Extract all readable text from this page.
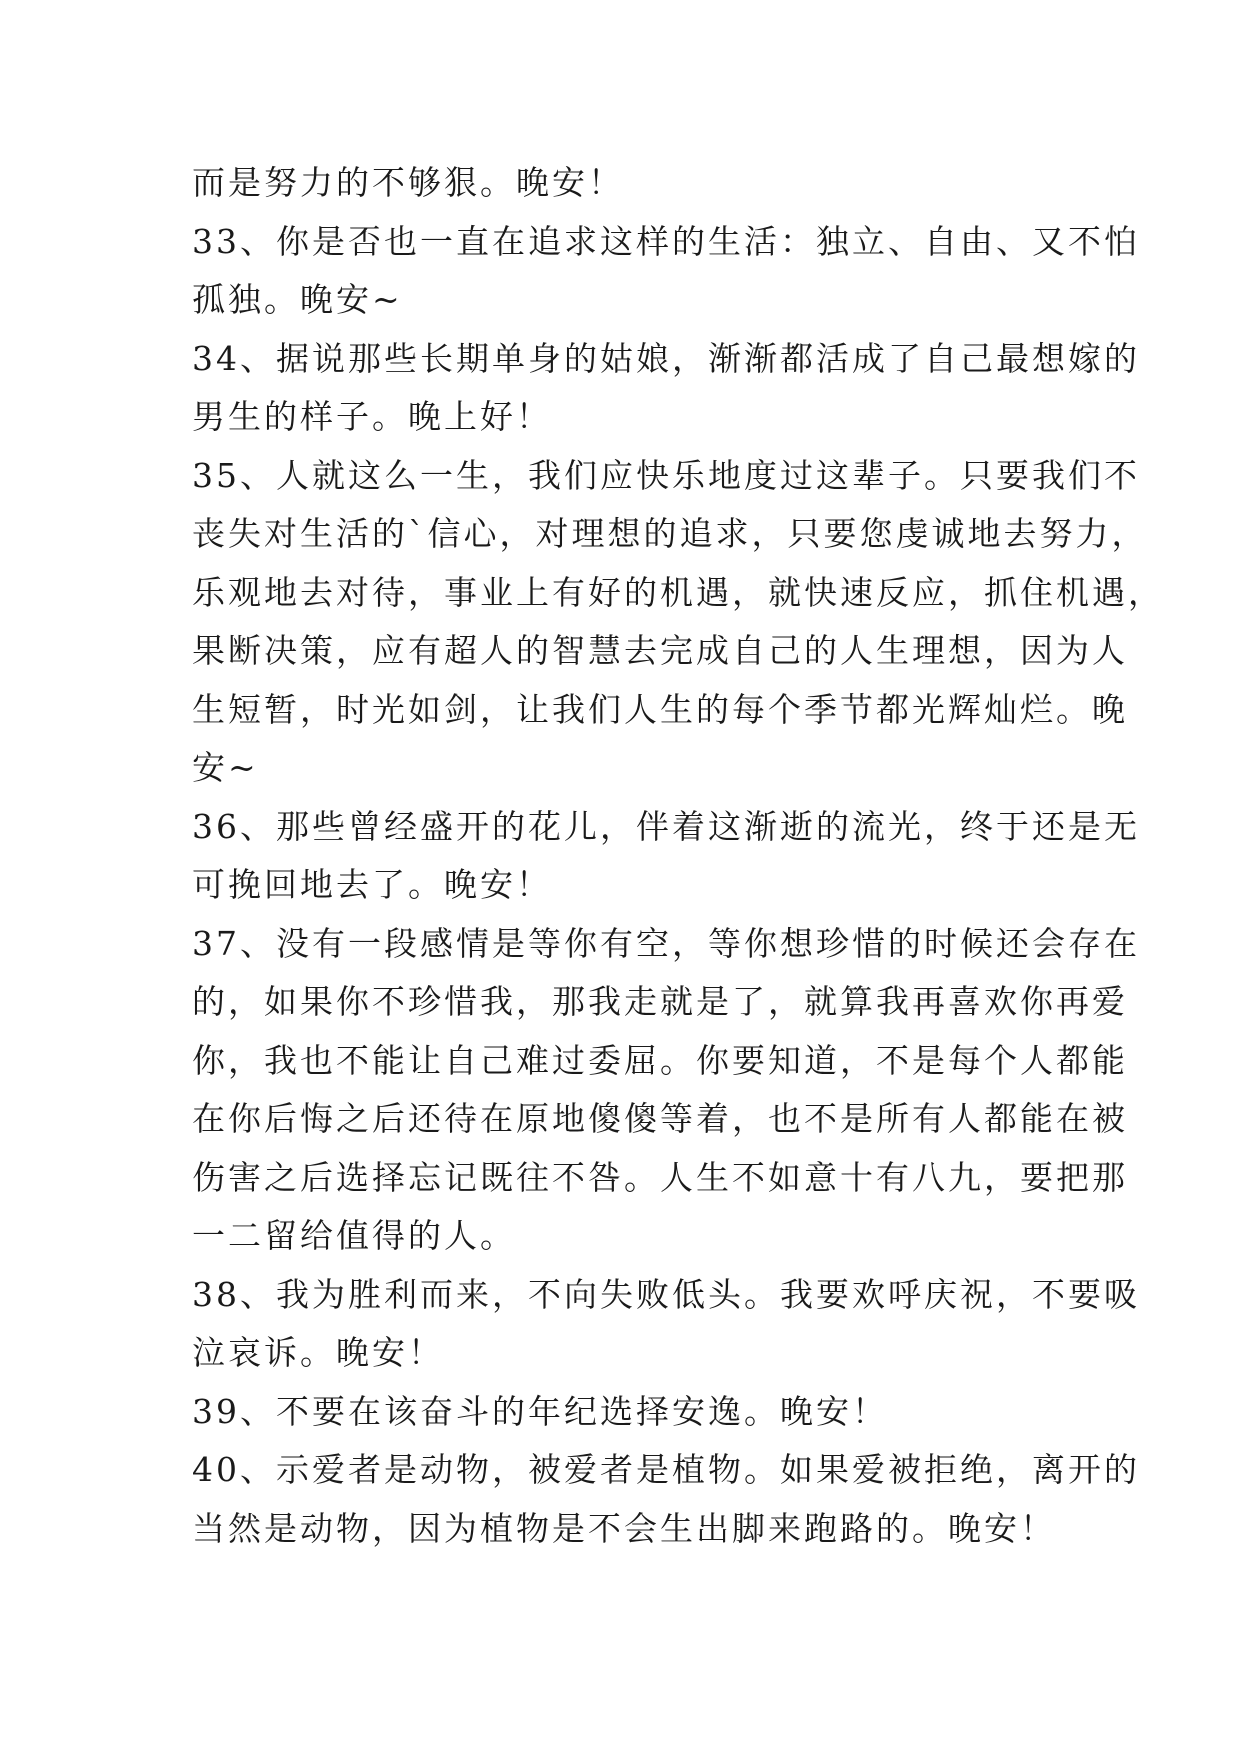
而是努力的不够狠。晚安！
33、你是否也一直在追求这样的生活：独立、自由、又不怕
孤独。晚安~
34、据说那些长期单身的姑娘，渐渐都活成了自己最想嫁的
男生的样子。晚上好！
35、人就这么一生，我们应快乐地度过这辈子。只要我们不
丧失对生活的`信心，对理想的追求，只要您虔诚地去努力，
乐观地去对待，事业上有好的机遇，就快速反应，抓住机遇，
果断决策，应有超人的智慧去完成自己的人生理想，因为人
生短暂，时光如剑，让我们人生的每个季节都光辉灿烂。晚
安~
36、那些曾经盛开的花儿，伴着这渐逝的流光，终于还是无
可挽回地去了。晚安！
37、没有一段感情是等你有空，等你想珍惜的时候还会存在
的，如果你不珍惜我，那我走就是了，就算我再喜欢你再爱
你，我也不能让自己难过委屈。你要知道，不是每个人都能
在你后悔之后还待在原地傻傻等着，也不是所有人都能在被
伤害之后选择忘记既往不咎。人生不如意十有八九，要把那
一二留给值得的人。
38、我为胜利而来，不向失败低头。我要欢呼庆祝，不要吸
泣哀诉。晚安！
39、不要在该奋斗的年纪选择安逸。晚安！
40、示爱者是动物，被爱者是植物。如果爱被拒绝，离开的
当然是动物，因为植物是不会生出脚来跑路的。晚安！
